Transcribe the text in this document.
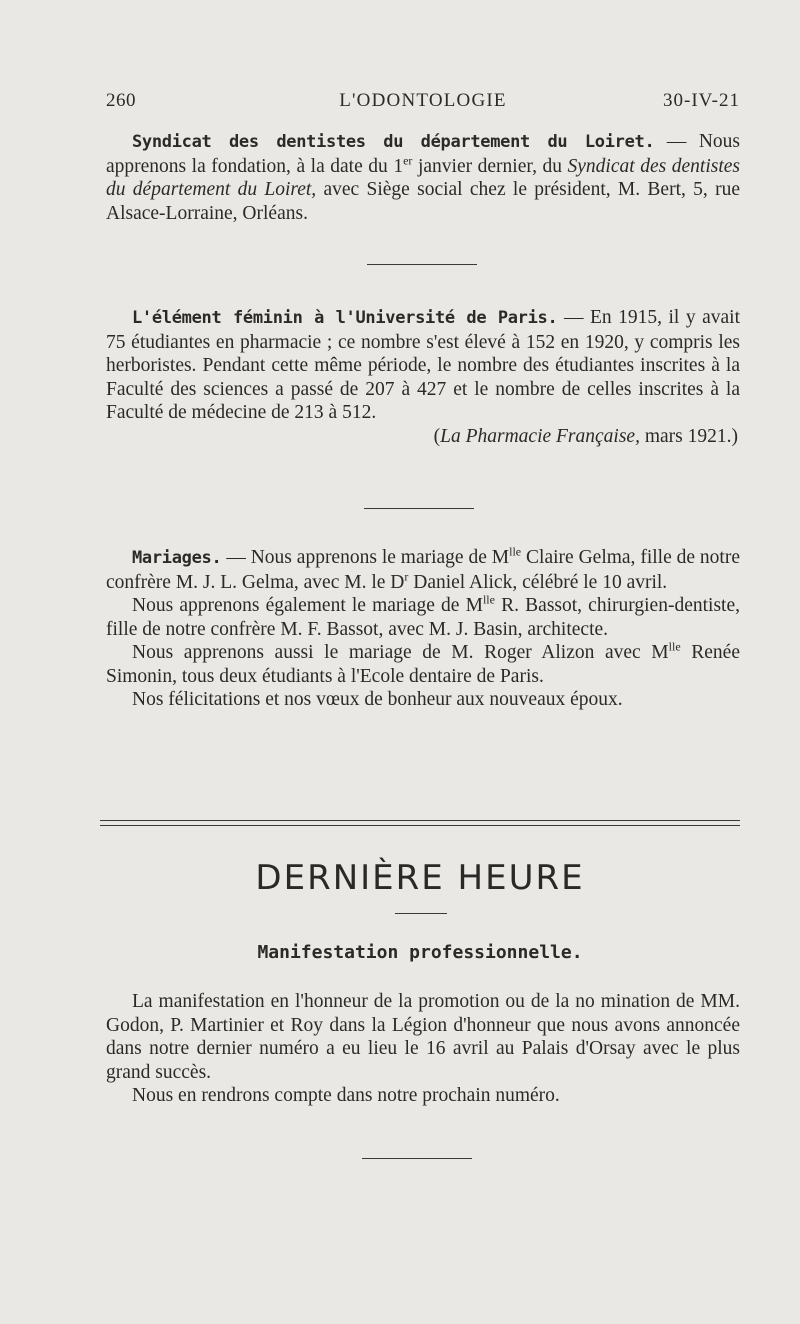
260	L'ODONTOLOGIE	30-IV-21

Syndicat des dentistes du département du Loiret. — Nous apprenons la fondation, à la date du 1er janvier dernier, du Syndicat des dentistes du département du Loiret, avec Siège social chez le président, M. Bert, 5, rue Alsace-Lorraine, Orléans.

L'élément féminin à l'Université de Paris. — En 1915, il y avait 75 étudiantes en pharmacie ; ce nombre s'est élevé à 152 en 1920, y compris les herboristes. Pendant cette même période, le nombre des étudiantes inscrites à la Faculté des sciences a passé de 207 à 427 et le nombre de celles inscrites à la Faculté de médecine de 213 à 512.

(La Pharmacie Française, mars 1921.)

Mariages. — Nous apprenons le mariage de $M^{lle}$ Claire Gelma, fille de notre confrère M. J. L. Gelma, avec M. le $D^r$ Daniel Alick, célébré le 10 avril.

Nous apprenons également le mariage de $M^{lle}$ R. Bassot, chirurgien-dentiste, fille de notre confrère M. F. Bassot, avec M. J. Basin, architecte.

Nous apprenons aussi le mariage de M. Roger Alizon avec $M^{lle}$ Renée Simonin, tous deux étudiants à l'Ecole dentaire de Paris.

Nos félicitations et nos vœux de bonheur aux nouveaux époux.

DERNIÈRE HEURE
Manifestation professionnelle.

La manifestation en l'honneur de la promotion ou de la no mination de MM. Godon, P. Martinier et Roy dans la Légion d'honneur que nous avons annoncée dans notre dernier numéro a eu lieu le 16 avril au Palais d'Orsay avec le plus grand succès.

Nous en rendrons compte dans notre prochain numéro.
